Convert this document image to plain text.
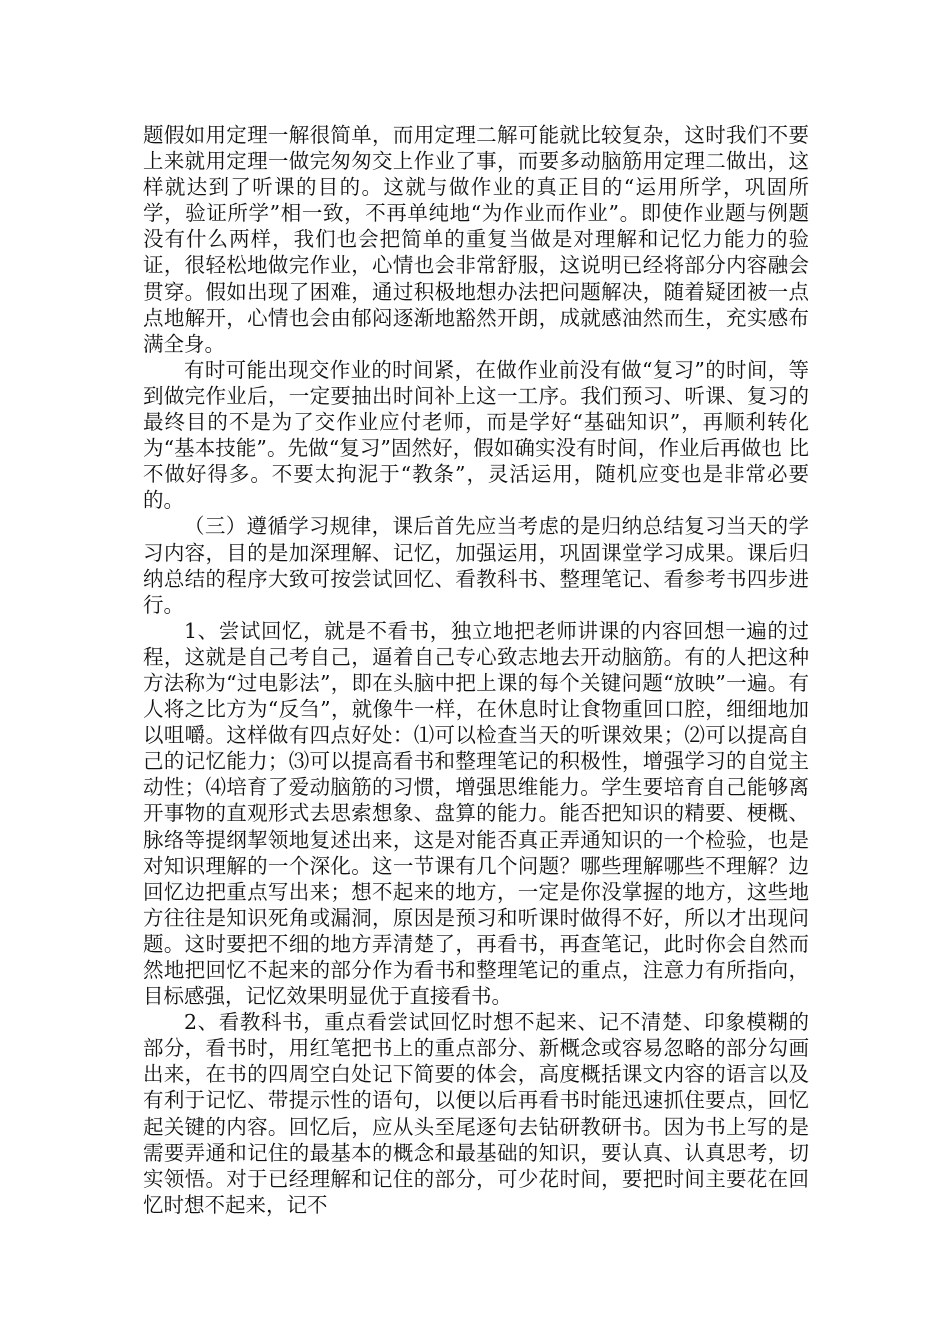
题假如用定理一解很简单，而用定理二解可能就比较复杂，这时我们不要上来就用定理一做完匆匆交上作业了事，而要多动脑筋用定理二做出，这样就达到了听课的目的。这就与做作业的真正目的“运用所学，巩固所学，验证所学”相一致，不再单纯地“为作业而作业”。即使作业题与例题没有什么两样，我们也会把简单的重复当做是对理解和记忆力能力的验证，很轻松地做完作业，心情也会非常舒服，这说明已经将部分内容融会贯穿。假如出现了困难，通过积极地想办法把问题解决，随着疑团被一点点地解开，心情也会由郁闷逐渐地豁然开朗，成就感油然而生，充实感布满全身。

有时可能出现交作业的时间紧，在做作业前没有做“复习”的时间，等到做完作业后，一定要抽出时间补上这一工序。我们预习、听课、复习的最终目的不是为了交作业应付老师，而是学好“基础知识”，再顺利转化为“基本技能”。先做“复习”固然好，假如确实没有时间，作业后再做也 比不做好得多。不要太拘泥于“教条”，灵活运用，随机应变也是非常必要的。

（三）遵循学习规律，课后首先应当考虑的是归纳总结复习当天的学习内容，目的是加深理解、记忆，加强运用，巩固课堂学习成果。课后归纳总结的程序大致可按尝试回忆、看教科书、整理笔记、看参考书四步进行。

1、尝试回忆，就是不看书，独立地把老师讲课的内容回想一遍的过程，这就是自己考自己，逼着自己专心致志地去开动脑筋。有的人把这种方法称为“过电影法”，即在头脑中把上课的每个关键问题“放映”一遍。有人将之比方为“反刍”，就像牛一样，在休息时让食物重回口腔，细细地加以咀嚼。这样做有四点好处：⑴可以检查当天的听课效果；⑵可以提高自己的记忆能力；⑶可以提高看书和整理笔记的积极性，增强学习的自觉主动性；⑷培育了爱动脑筋的习惯，增强思维能力。学生要培育自己能够离开事物的直观形式去思索想象、盘算的能力。能否把知识的精要、梗概、脉络等提纲挈领地复述出来，这是对能否真正弄通知识的一个检验，也是对知识理解的一个深化。这一节课有几个问题？哪些理解哪些不理解？边回忆边把重点写出来；想不起来的地方，一定是你没掌握的地方，这些地方往往是知识死角或漏洞，原因是预习和听课时做得不好，所以才出现问题。这时要把不细的地方弄清楚了，再看书，再查笔记，此时你会自然而然地把回忆不起来的部分作为看书和整理笔记的重点，注意力有所指向，目标感强，记忆效果明显优于直接看书。

2、看教科书，重点看尝试回忆时想不起来、记不清楚、印象模糊的部分，看书时，用红笔把书上的重点部分、新概念或容易忽略的部分勾画出来，在书的四周空白处记下简要的体会，高度概括课文内容的语言以及有利于记忆、带提示性的语句，以便以后再看书时能迅速抓住要点，回忆起关键的内容。回忆后，应从头至尾逐句去钻研教研书。因为书上写的是需要弄通和记住的最基本的概念和最基础的知识，要认真、认真思考，切实领悟。对于已经理解和记住的部分，可少花时间，要把时间主要花在回忆时想不起来，记不
